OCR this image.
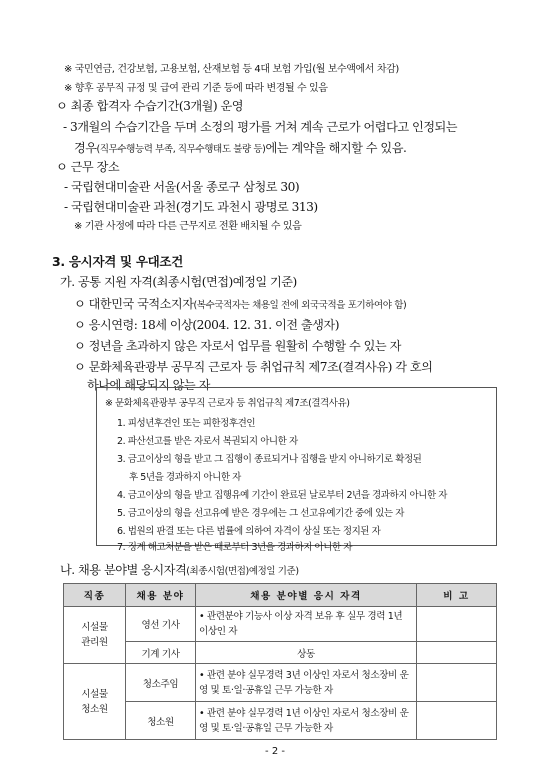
※ 국민연금, 건강보험, 고용보험, 산재보험 등 4대 보험 가입(월 보수액에서 차감)
※ 향후 공무직 규정 및 급여 관리 기준 등에 따라 변경될 수 있음
ㅇ 최종 합격자 수습기간(3개월) 운영
- 3개월의 수습기간을 두며 소정의 평가를 거쳐 계속 근로가 어렵다고 인정되는
경우(직무수행능력 부족, 직무수행태도 불량 등)에는 계약을 해지할 수 있음.
ㅇ 근무 장소
- 국립현대미술관 서울(서울 종로구 삼청로 30)
- 국립현대미술관 과천(경기도 과천시 광명로 313)
※ 기관 사정에 따라 다른 근무지로 전환 배치될 수 있음
3. 응시자격 및 우대조건
가. 공통 지원 자격(최종시험(면접)예정일 기준)
ㅇ 대한민국 국적소지자(복수국적자는 채용일 전에 외국국적을 포기하여야 함)
ㅇ 응시연령: 18세 이상(2004. 12. 31. 이전 출생자)
ㅇ 정년을 초과하지 않은 자로서 업무를 원활히 수행할 수 있는 자
ㅇ 문화체육관광부 공무직 근로자 등 취업규칙 제7조(결격사유) 각 호의
하나에 해당되지 않는 자
※ 문화체육관광부 공무직 근로자 등 취업규칙 제7조(결격사유)
1. 피성년후견인 또는 피한정후견인
2. 파산선고를 받은 자로서 복권되지 아니한 자
3. 금고이상의 형을 받고 그 집행이 종료되거나 집행을 받지 아니하기로 확정된
후 5년을 경과하지 아니한 자
4. 금고이상의 형을 받고 집행유예 기간이 완료된 날로부터 2년을 경과하지 아니한 자
5. 금고이상의 형을 선고유예 받은 경우에는 그 선고유예기간 중에 있는 자
6. 법원의 판결 또는 다른 법률에 의하여 자격이 상실 또는 정지된 자
7. 징계 해고처분을 받은 때로부터 3년을 경과하지 아니한 자
나. 채용 분야별 응시자격(최종시험(면접)예정일 기준)
직종	채용 분야	채용 분야별 응시 자격	비 고
시설물 관리원	영선 기사	• 관련분야 기능사 이상 자격 보유 후 실무 경력 1년 이상인 자	
	기계 기사	상동	
시설물 청소원	청소주임	• 관련 분야 실무경력 3년 이상인 자로서 청소장비 운영 및 토·일·공휴일 근무 가능한 자	
	청소원	• 관련 분야 실무경력 1년 이상인 자로서 청소장비 운영 및 토·일·공휴일 근무 가능한 자	
- 2 -
